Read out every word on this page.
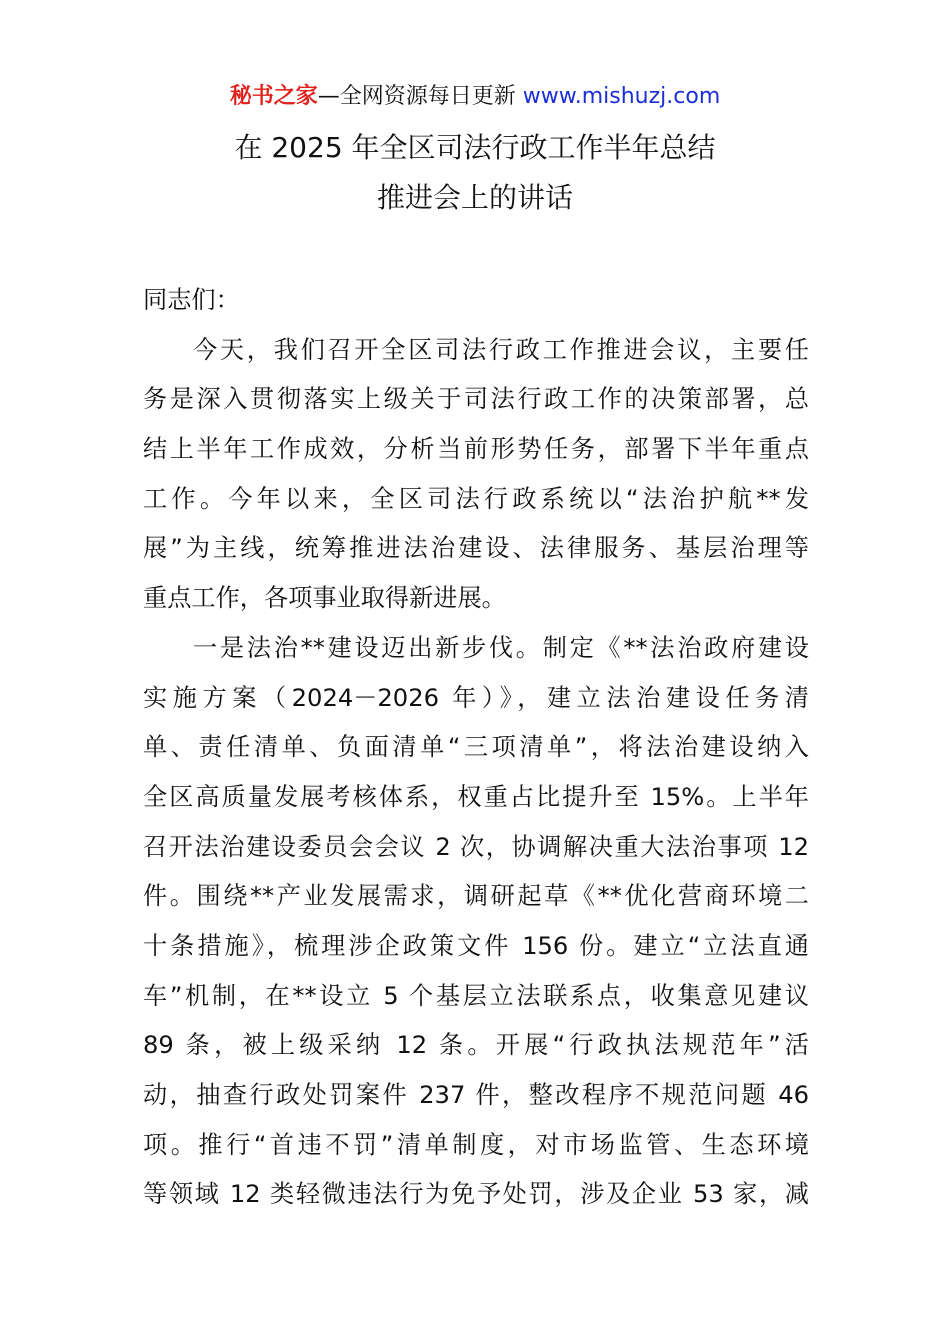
秘书之家—全网资源每日更新 www.mishuzj.com
在 2025 年全区司法行政工作半年总结
推进会上的讲话
同志们：
今天，我们召开全区司法行政工作推进会议，主要任
务是深入贯彻落实上级关于司法行政工作的决策部署，总
结上半年工作成效，分析当前形势任务，部署下半年重点
工作。今年以来，全区司法行政系统以“法治护航**发
展”为主线，统筹推进法治建设、法律服务、基层治理等
重点工作，各项事业取得新进展。
一是法治**建设迈出新步伐。制定《**法治政府建设
实施方案（2024－2026 年）》，建立法治建设任务清
单、责任清单、负面清单“三项清单”，将法治建设纳入
全区高质量发展考核体系，权重占比提升至 15%。上半年
召开法治建设委员会会议 2 次，协调解决重大法治事项 12
件。围绕**产业发展需求，调研起草《**优化营商环境二
十条措施》，梳理涉企政策文件 156 份。建立“立法直通
车”机制，在**设立 5 个基层立法联系点，收集意见建议
89 条，被上级采纳 12 条。开展“行政执法规范年”活
动，抽查行政处罚案件 237 件，整改程序不规范问题 46
项。推行“首违不罚”清单制度，对市场监管、生态环境
等领域 12 类轻微违法行为免予处罚，涉及企业 53 家，减
